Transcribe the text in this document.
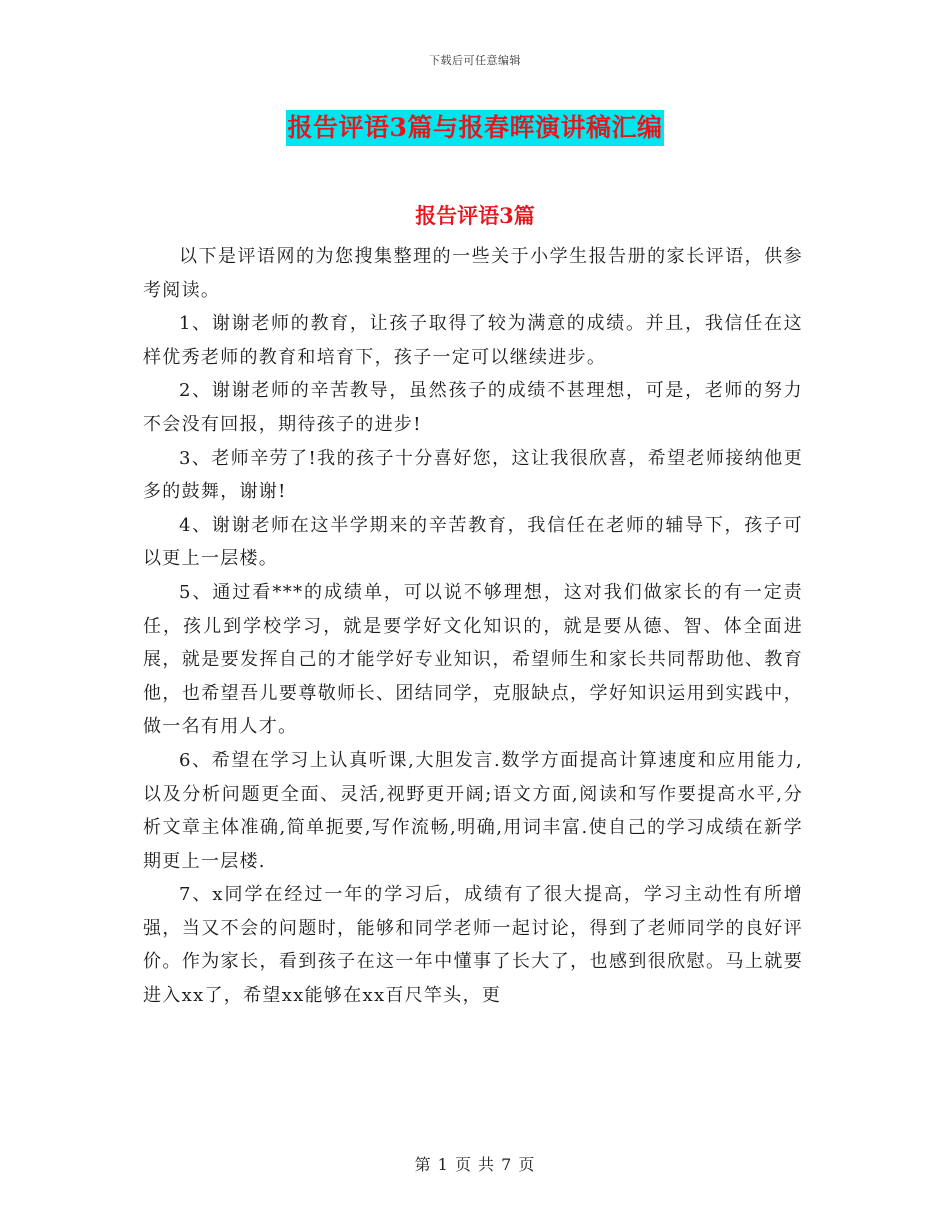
下载后可任意编辑
报告评语3篇与报春晖演讲稿汇编
报告评语3篇

以下是评语网的为您搜集整理的一些关于小学生报告册的家长评语，供参考阅读。

1、谢谢老师的教育，让孩子取得了较为满意的成绩。并且，我信任在这样优秀老师的教育和培育下，孩子一定可以继续进步。

2、谢谢老师的辛苦教导，虽然孩子的成绩不甚理想，可是，老师的努力不会没有回报，期待孩子的进步!

3、老师辛劳了!我的孩子十分喜好您，这让我很欣喜，希望老师接纳他更多的鼓舞，谢谢!

4、谢谢老师在这半学期来的辛苦教育，我信任在老师的辅导下，孩子可以更上一层楼。

5、通过看***的成绩单，可以说不够理想，这对我们做家长的有一定责任，孩儿到学校学习，就是要学好文化知识的，就是要从德、智、体全面进展，就是要发挥自己的才能学好专业知识，希望师生和家长共同帮助他、教育他，也希望吾儿要尊敬师长、团结同学，克服缺点，学好知识运用到实践中，做一名有用人才。

6、希望在学习上认真听课,大胆发言.数学方面提高计算速度和应用能力,以及分析问题更全面、灵活,视野更开阔;语文方面,阅读和写作要提高水平,分析文章主体准确,简单扼要,写作流畅,明确,用词丰富.使自己的学习成绩在新学期更上一层楼.

7、x同学在经过一年的学习后，成绩有了很大提高，学习主动性有所增强，当又不会的问题时，能够和同学老师一起讨论，得到了老师同学的良好评价。作为家长，看到孩子在这一年中懂事了长大了，也感到很欣慰。马上就要进入xx了，希望xx能够在xx百尺竿头，更

第 1 页 共 7 页
